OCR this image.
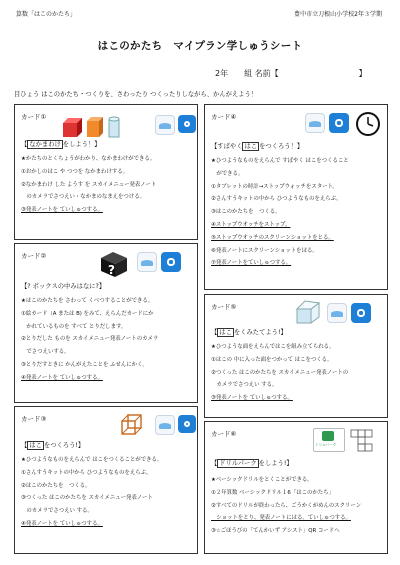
算数「はこのかたち」	豊中市立刀根山小学校2年３学期
はこのかたち　マイプラン学しゅうシート
2年　　組 名前【　　　　　　　　　　】
目ひょう はこのかたち・つくりを、さわったり つくったりしながら、かんがえよう！
カード①
【 なかまわけ をしよう！】
★かたちのとくちょうがわかり、なかまわけができる。
①おかしのはこ や つつを なかまわけする。
②なかまわけ した ようす を スカイメニュー発表ノート
　のカメラでさつえい・なかまのなまえをつける。
③発表ノートを ていしゅつする。
カード②
?
【? ボックスの中みはなに?】
★はこのかたちを さわって くべつすることができる。
①絵カード（A または B) をみて、えらんだカードにか
　かれているものを すべて とりだします。
②とりだした ものを スカイメニュー発表ノートのカメラ
　でさつえいする。
③とりだすときに かんがえたことを ふせんにかく。
④発表ノートを ていしゅつする。
カード③
【 はこ をつくろう!】
★ひつようなものをえらんで はこをつくることができる。
①さんすうキットの中から ひつようなものをえらぶ。
②はこのかたちを　つくる。
③つくった はこのかたちを スカイメニュー発表ノート
　のカメラでさつえい する。
④発表ノートを ていしゅつする。
カード④
【すばやく はこ をつくろう！】
★ひつようなものをえらんで すばやく はこをつくること
　ができる。
①タブレットの時計→ストップウォッチをスタート。
②さんすうキットの中から ひつようなものをえらぶ。
③はこのかたちを　つくる。
④ストップウオッチをストップ。
⑤ストップウオッチのスクリーンショットをとる。
⑥発表ノートにスクリーンショットをはる。
⑦発表ノートをていしゅつする。
カード⑤
【 はこ をくみたてよう!】
★ひつような面をえらんではこを組み立てられる。
①はこの 中に入った面をつかって はこをつくる。
②つくった はこのかたちを スカイメニュー発表ノートの
　カメラでさつえい する。
③発表ノートを ていしゅつする。
カード⑥
ドリルパーク
【 ドリルパーク をしよう!】
★ベーシックドリルをとくことができる。
①２年算数 ベーシックドリル１6「はこのかたち」
②すべてのドリルが終わったら、ごうかくがめんのスクリーン
　ショットをとり、発表ノートにはる。ていしゅつする。
③☆ごほうびの「てんかいず アシスト」QR コードへ
